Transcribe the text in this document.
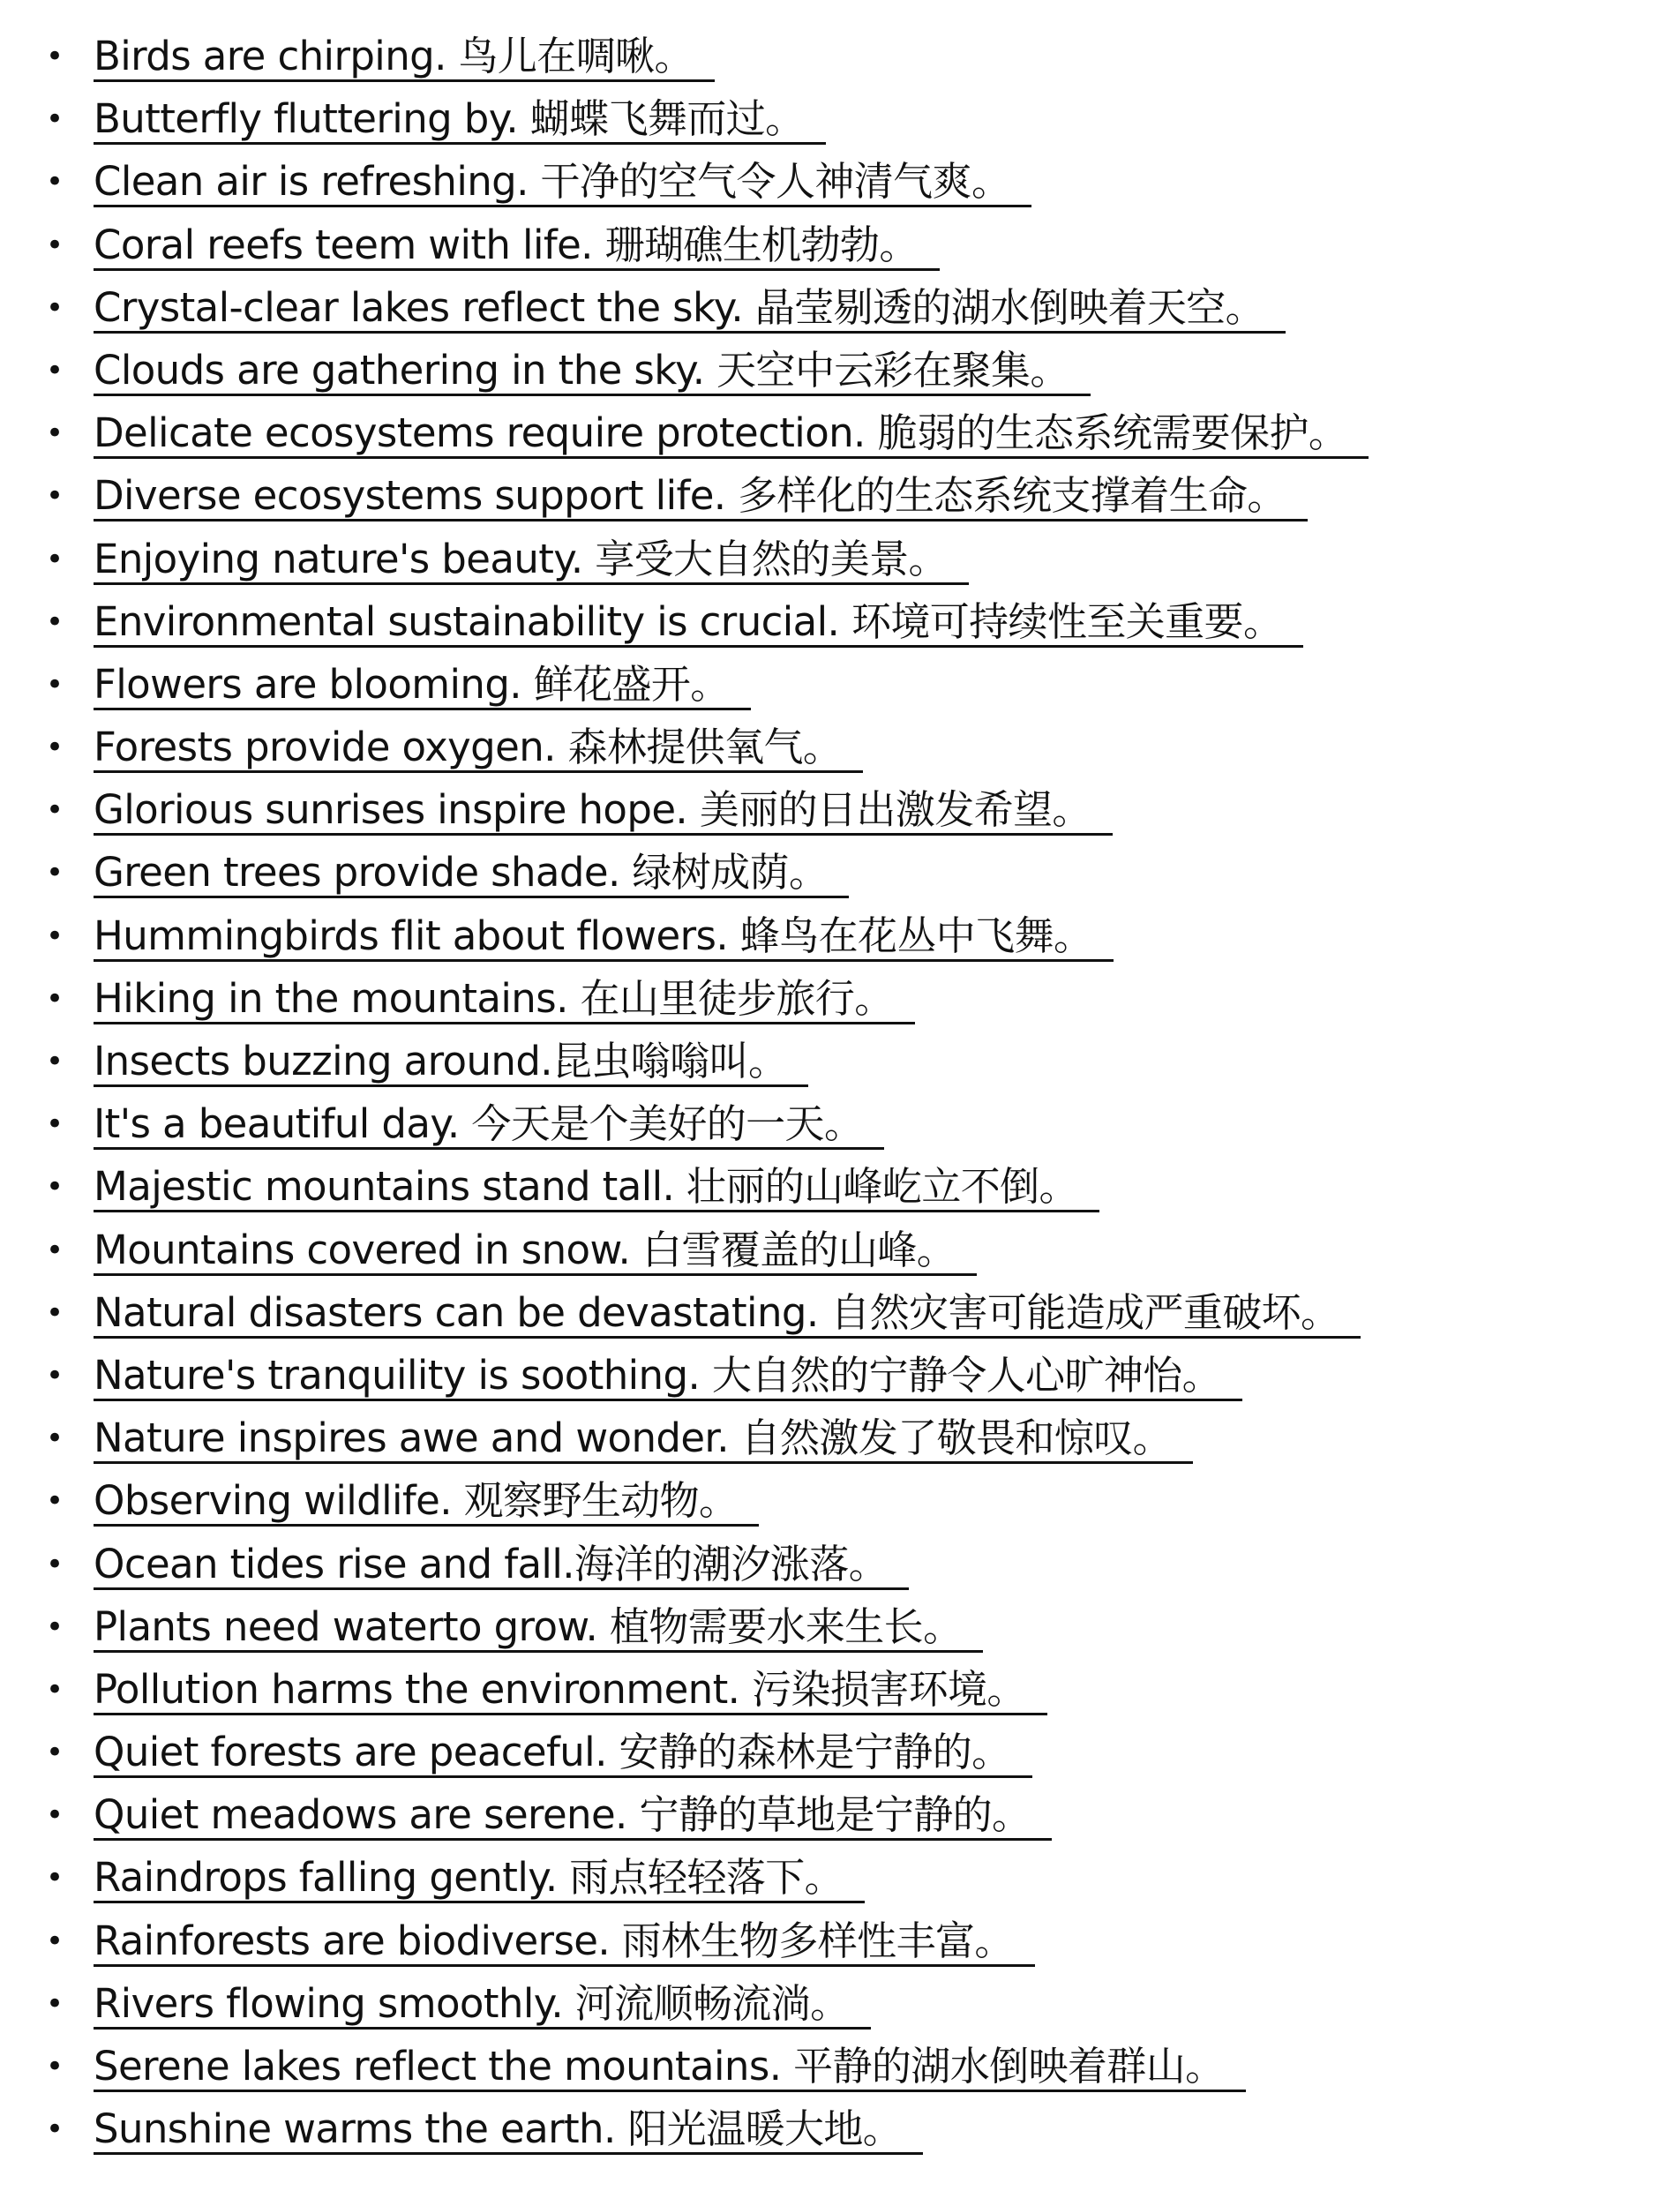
• Birds are chirping. 鸟儿在啁啾。
• Butterfly fluttering by. 蝴蝶飞舞而过。
• Clean air is refreshing. 干净的空气令人神清气爽。
• Coral reefs teem with life. 珊瑚礁生机勃勃。
• Crystal-clear lakes reflect the sky. 晶莹剔透的湖水倒映着天空。
• Clouds are gathering in the sky. 天空中云彩在聚集。
• Delicate ecosystems require protection. 脆弱的生态系统需要保护。
• Diverse ecosystems support life. 多样化的生态系统支撑着生命。
• Enjoying nature's beauty. 享受大自然的美景。
• Environmental sustainability is crucial. 环境可持续性至关重要。
• Flowers are blooming. 鲜花盛开。
• Forests provide oxygen. 森林提供氧气。
• Glorious sunrises inspire hope. 美丽的日出激发希望。
• Green trees provide shade. 绿树成荫。
• Hummingbirds flit about flowers. 蜂鸟在花丛中飞舞。
• Hiking in the mountains. 在山里徒步旅行。
• Insects buzzing around.昆虫嗡嗡叫。
• It's a beautiful day. 今天是个美好的一天。
• Majestic mountains stand tall. 壮丽的山峰屹立不倒。
• Mountains covered in snow. 白雪覆盖的山峰。
• Natural disasters can be devastating. 自然灾害可能造成严重破坏。
• Nature's tranquility is soothing. 大自然的宁静令人心旷神怡。
• Nature inspires awe and wonder. 自然激发了敬畏和惊叹。
• Observing wildlife. 观察野生动物。
• Ocean tides rise and fall.海洋的潮汐涨落。
• Plants need waterto grow. 植物需要水来生长。
• Pollution harms the environment. 污染损害环境。
• Quiet forests are peaceful. 安静的森林是宁静的。
• Quiet meadows are serene. 宁静的草地是宁静的。
• Raindrops falling gently. 雨点轻轻落下。
• Rainforests are biodiverse. 雨林生物多样性丰富。
• Rivers flowing smoothly. 河流顺畅流淌。
• Serene lakes reflect the mountains. 平静的湖水倒映着群山。
• Sunshine warms the earth. 阳光温暖大地。
